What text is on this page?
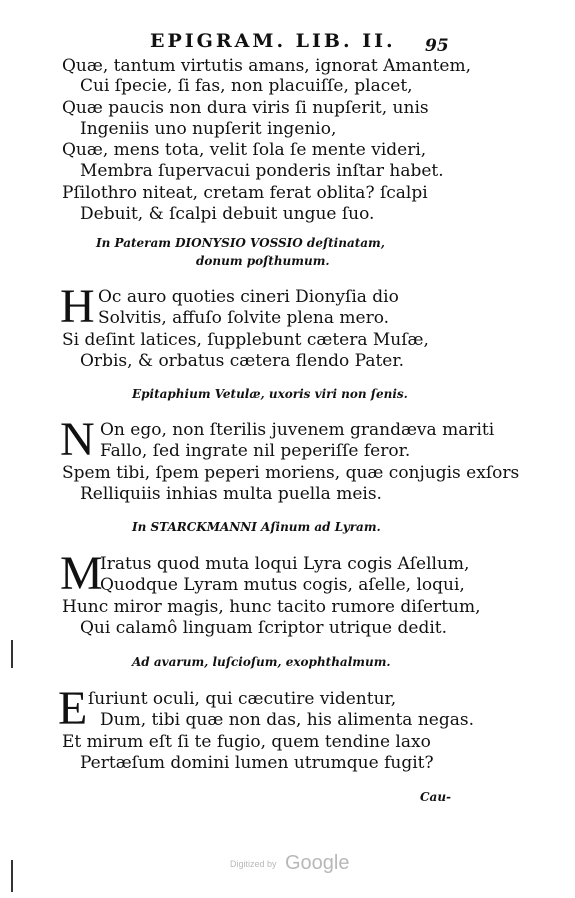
EPIGRAM. LIB. II. 95
Quæ, tantum virtutis amans, ignorat Amantem,
Cui ſpecie, ſi fas, non placuiſſe, placet,
Quæ paucis non dura viris ſi nupſerit, unis
Ingeniis uno nupſerit ingenio,
Quæ, mens tota, velit ſola ſe mente videri,
Membra ſupervacui ponderis inſtar habet.
Pſilothro niteat, cretam ferat oblita? ſcalpi
Debuit, & ſcalpi debuit ungue ſuo.
In Pateram DIONYSIO VOSSIO deſtinatam,
donum poſthumum.
H Oc auro quoties cineri Dionyſia dio
Solvitis, affuſo ſolvite plena mero.
Si deſint latices, ſupplebunt cætera Muſæ,
Orbis, & orbatus cætera flendo Pater.
Epitaphium Vetulæ, uxoris viri non ſenis.
N On ego, non ſterilis juvenem grandæva mariti
Fallo, ſed ingrate nil peperiſſe feror.
Spem tibi, ſpem peperi moriens, quæ conjugis exſors
Relliquiis inhias multa puella meis.
In STARCKMANNI Aſinum ad Lyram.
M
Iratus quod muta loqui Lyra cogis Aſellum,
Quodque Lyram mutus cogis, aſelle, loqui,
Hunc miror magis, hunc tacito rumore diſertum,
Qui calamô linguam ſcriptor utrique dedit.
Ad avarum, luſcioſum, exophthalmum.
E ſuriunt oculi, qui cæcutire videntur,
Dum, tibi quæ non das, his alimenta negas.
Et mirum eſt ſi te fugio, quem tendine laxo
Pertæſum domini lumen utrumque fugit?
Cau-
Digitized by Google
